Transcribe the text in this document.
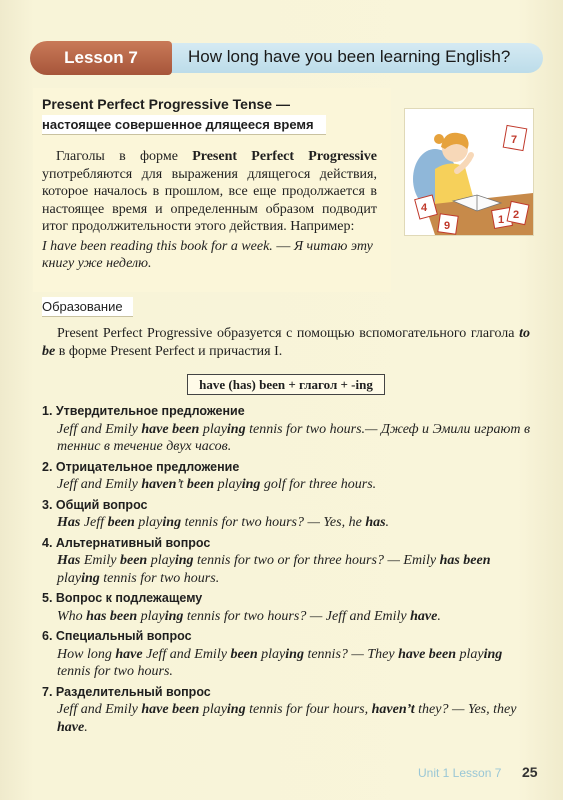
Lesson 7	How long have you been learning English?
Present Perfect Progressive Tense —
настоящее совершенное длящееся время

Глаголы в форме Present Perfect Progressive употребляются для выражения длящегося действия, которое началось в прошлом, все еще продолжается в настоящее время и определенным образом подводит итог продолжительности этого действия. Например:

I have been reading this book for a week. — Я читаю эту книгу уже неделю.
7
4
9	1 2
Образование

Present Perfect Progressive образуется с помощью вспомогательного глагола to be в форме Present Perfect и причастия I.

have (has) been + глагол + -ing
1. Утвердительное предложение
Jeff and Emily have been playing tennis for two hours.— Джеф и Эмили играют в теннис в течение двух часов.
2. Отрицательное предложение
Jeff and Emily haven’t been playing golf for three hours.
3. Общий вопрос
Has Jeff been playing tennis for two hours? — Yes, he has.
4. Альтернативный вопрос
Has Emily been playing tennis for two or for three hours? — Emily has been playing tennis for two hours.
5. Вопрос к подлежащему
Who has been playing tennis for two hours? — Jeff and Emily have.
6. Специальный вопрос
How long have Jeff and Emily been playing tennis? — They have been playing tennis for two hours.
7. Разделительный вопрос
Jeff and Emily have been playing tennis for four hours, haven’t they? — Yes, they have.
Unit 1 Lesson 7 25
